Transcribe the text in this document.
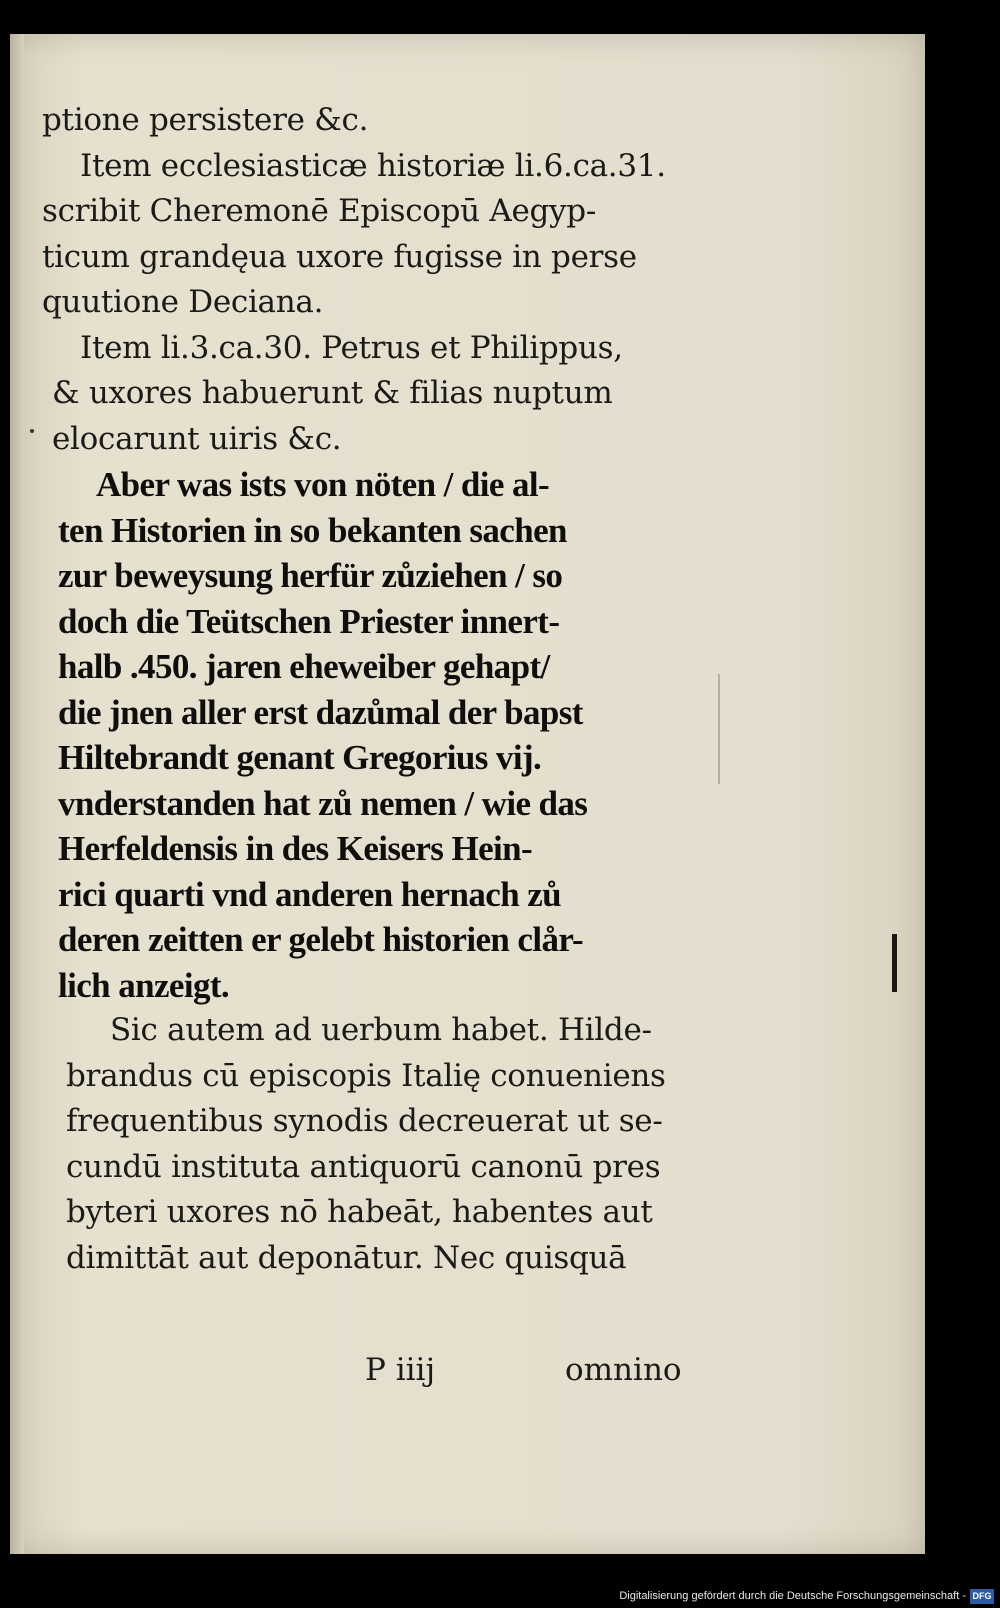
ptione persistere &c.
Item ecclesiasticæ historiæ li.6.ca.31.
scribit Cheremonē Episcopū Aegyp-
ticum grandęua uxore fugisse in perse
quutione Deciana.
Item li.3.ca.30. Petrus et Philippus,
& uxores habuerunt & filias nuptum
elocarunt uiris &c.
Aber was ists von nöten / die al-
ten Historien in so bekanten sachen
zur beweysung herfür zůziehen / so
doch die Teütschen Priester innert-
halb .450. jaren eheweiber gehapt/
die jnen aller erst dazůmal der bapst
Hiltebrandt genant Gregorius vij.
vnderstanden hat zů nemen / wie das
Herfeldensis in des Keisers Hein-
rici quarti vnd anderen hernach zů
deren zeitten er gelebt historien clår-
lich anzeigt.
Sic autem ad uerbum habet. Hilde-
brandus cū episcopis Italię conueniens
frequentibus synodis decreuerat ut se-
cundū instituta antiquorū canonū pres
byteri uxores nō habeāt, habentes aut
dimittāt aut deponātur. Nec quisquā
P iiij	omnino
Digitalisierung gefördert durch die Deutsche Forschungsgemeinschaft - DFG
